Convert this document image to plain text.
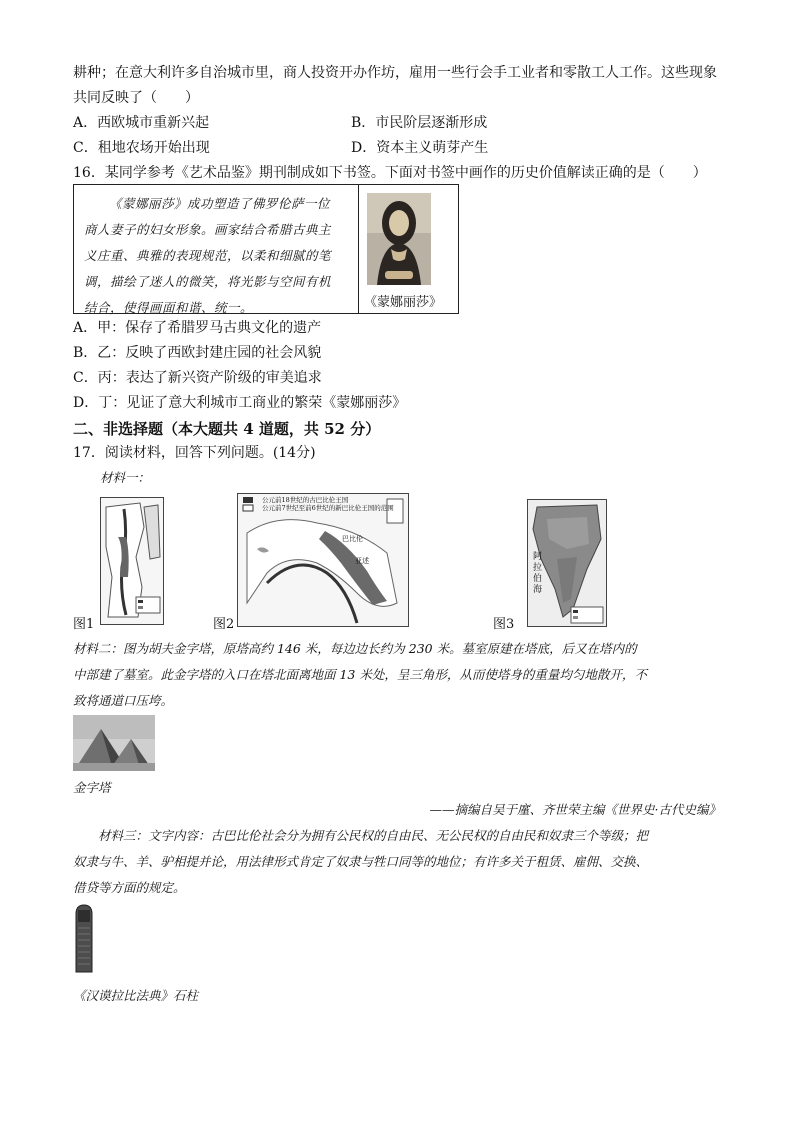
耕种；在意大利许多自治城市里，商人投资开办作坊，雇用一些行会手工业者和零散工人工作。这些现象
共同反映了（　　）
A．西欧城市重新兴起	B．市民阶层逐渐形成
C．租地农场开始出现	D．资本主义萌芽产生
16．某同学参考《艺术品鉴》期刊制成如下书签。下面对书签中画作的历史价值解读正确的是（　　）
《蒙娜丽莎》成功塑造了佛罗伦萨一位
商人妻子的妇女形象。画家结合希腊古典主
义庄重、典雅的表现规范，以柔和细腻的笔
调，描绘了迷人的微笑，将光影与空间有机
结合，使得画面和谐、统一。	《蒙娜丽莎》
A．甲：保存了希腊罗马古典文化的遗产
B．乙：反映了西欧封建庄园的社会风貌
C．丙：表达了新兴资产阶级的审美追求
D．丁：见证了意大利城市工商业的繁荣《蒙娜丽莎》
二、非选择题（本大题共 4 道题，共 52 分）
17．阅读材料，回答下列问题。(14分)
材料一：
图1
公元前18世纪的古巴比伦王国
公元前7世纪至前6世纪的新巴比伦王国的范围
巴比伦
亚述
图2
阿拉伯海
图3
材料二：图为胡夫金字塔，原塔高约 146 米，每边边长约为 230 米。墓室原建在塔底，后又在塔内的
中部建了墓室。此金字塔的入口在塔北面离地面 13 米处，呈三角形，从而使塔身的重量均匀地散开，不
致将通道口压垮。
金字塔
——摘编自吴于廑、齐世荣主编《世界史·古代史编》
材料三：文字内容：古巴比伦社会分为拥有公民权的自由民、无公民权的自由民和奴隶三个等级；把
奴隶与牛、羊、驴相提并论，用法律形式肯定了奴隶与牲口同等的地位；有许多关于租赁、雇佣、交换、
借贷等方面的规定。
《汉谟拉比法典》石柱
